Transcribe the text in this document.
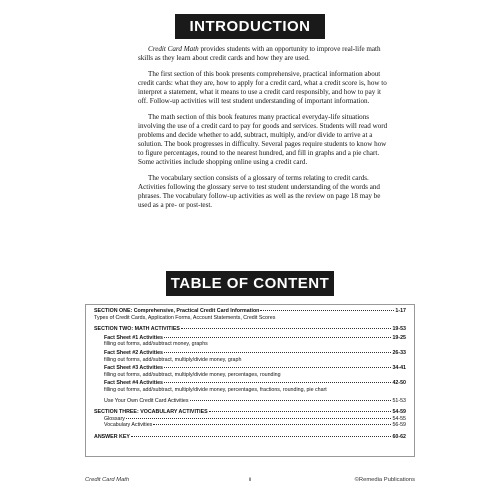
INTRODUCTION

Credit Card Math provides students with an opportunity to improve real-life math skills as they learn about credit cards and how they are used.

The first section of this book presents comprehensive, practical information about credit cards: what they are, how to apply for a credit card, what a credit score is, how to interpret a statement, what it means to use a credit card responsibly, and how to pay it off. Follow-up activities will test student understanding of important information.

The math section of this book features many practical everyday-life situations involving the use of a credit card to pay for goods and services. Students will read word problems and decide whether to add, subtract, multiply, and/or divide to arrive at a solution. The book progresses in difficulty. Several pages require students to know how to figure percentages, round to the nearest hundred, and fill in graphs and a pie chart. Some activities include shopping online using a credit card.

The vocabulary section consists of a glossary of terms relating to credit cards. Activities following the glossary serve to test student understanding of the words and phrases. The vocabulary follow-up activities as well as the review on page 18 may be used as a pre- or post-test.

TABLE OF CONTENT
SECTION ONE: Comprehensive, Practical Credit Card Information	1-17
Types of Credit Cards, Application Forms, Account Statements, Credit Scores
SECTION TWO: MATH ACTIVITIES	19-53
Fact Sheet #1 Activities	19-25
filling out forms, add/subtract money, graphs
Fact Sheet #2 Activities	26-33
filling out forms, add/subtract, multiply/divide money, graph
Fact Sheet #3 Activities	34-41
filling out forms, add/subtract, multiply/divide money, percentages, rounding
Fact Sheet #4 Activities	42-50
filling out forms, add/subtract, multiply/divide money, percentages, fractions, rounding, pie chart
Use Your Own Credit Card Activities	51-53
SECTION THREE: VOCABULARY ACTIVITIES	54-59
Glossary	54-55
Vocabulary Activities	56-59
ANSWER KEY	60-62
Credit Card Math	ii	©Remedia Publications
